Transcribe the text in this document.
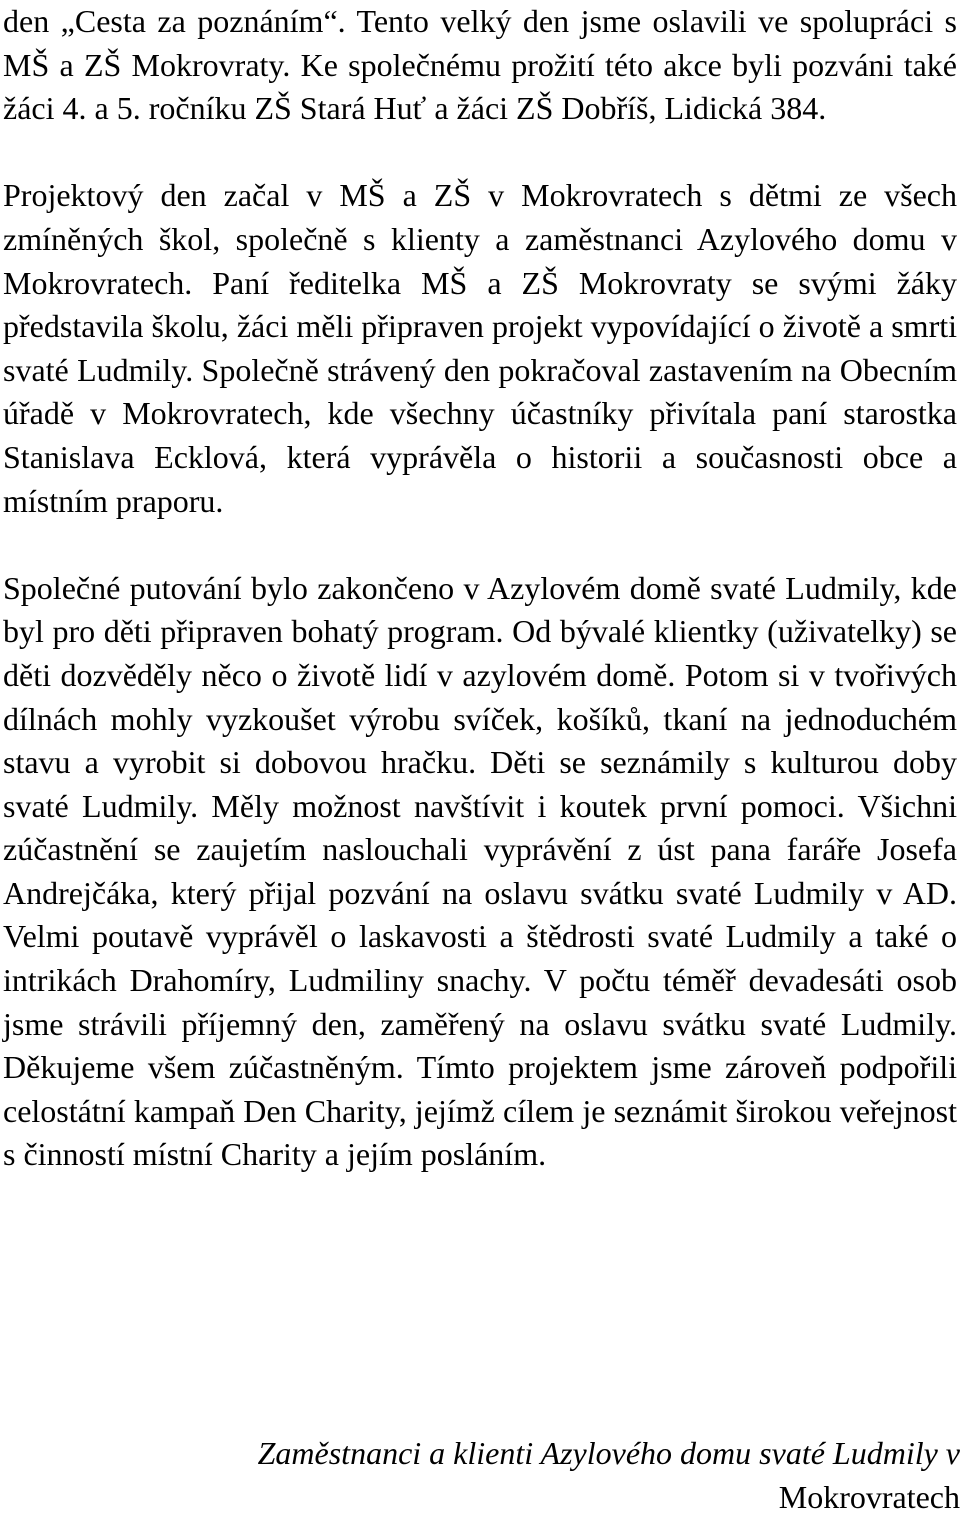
den „Cesta za poznáním“. Tento velký den jsme oslavili ve spolupráci s MŠ a ZŠ Mokrovraty. Ke společnému prožití této akce byli pozváni také žáci 4. a 5. ročníku ZŠ Stará Huť a žáci ZŠ Dobříš, Lidická 384.

Projektový den začal v MŠ a ZŠ v Mokrovratech s dětmi ze všech zmíněných škol, společně s klienty a zaměstnanci Azylového domu v Mokrovratech. Paní ředitelka MŠ a ZŠ Mokrovraty se svými žáky představila školu, žáci měli připraven projekt vypovídající o životě a smrti svaté Ludmily. Společně strávený den pokračoval zastavením na Obecním úřadě v Mokrovratech, kde všechny účastníky přivítala paní starostka Stanislava Ecklová, která vyprávěla o historii a současnosti obce a místním praporu.

Společné putování bylo zakončeno v Azylovém domě svaté Ludmily, kde byl pro děti připraven bohatý program. Od bývalé klientky (uživatelky) se děti dozvěděly něco o životě lidí v azylovém domě. Potom si v tvořivých dílnách mohly vyzkoušet výrobu svíček, košíků, tkaní na jednoduchém stavu a vyrobit si dobovou hračku. Děti se seznámily s kulturou doby svaté Ludmily. Měly možnost navštívit i koutek první pomoci. Všichni zúčastnění se zaujetím naslouchali vyprávění z úst pana faráře Josefa Andrejčáka, který přijal pozvání na oslavu svátku svaté Ludmily v AD. Velmi poutavě vyprávěl o laskavosti a štědrosti svaté Ludmily a také o intrikách Drahomíry, Ludmiliny snachy. V počtu téměř devadesáti osob jsme strávili příjemný den, zaměřený na oslavu svátku svaté Ludmily. Děkujeme všem zúčastněným. Tímto projektem jsme zároveň podpořili celostátní kampaň Den Charity, jejímž cílem je seznámit širokou veřejnost s činností místní Charity a jejím posláním.

Zaměstnanci a klienti Azylového domu svaté Ludmily v
Mokrovratech
